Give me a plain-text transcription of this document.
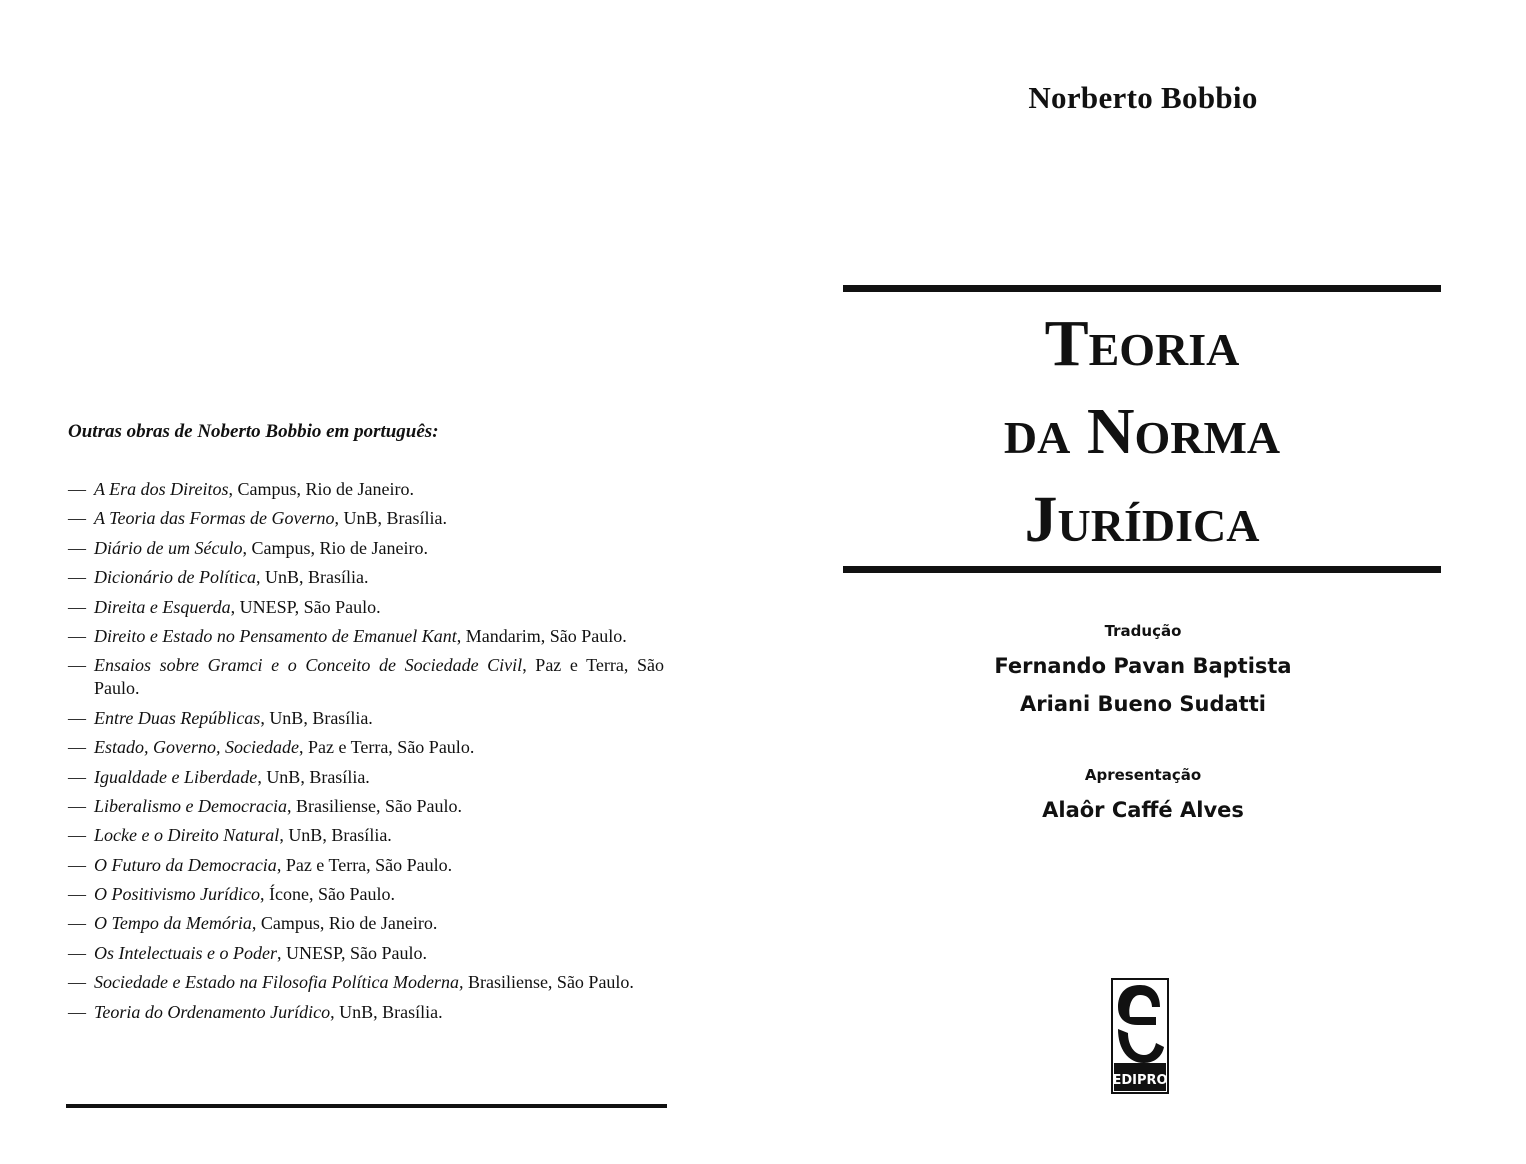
Outras obras de Noberto Bobbio em português:
— A Era dos Direitos, Campus, Rio de Janeiro.
— A Teoria das Formas de Governo, UnB, Brasília.
— Diário de um Século, Campus, Rio de Janeiro.
— Dicionário de Política, UnB, Brasília.
— Direita e Esquerda, UNESP, São Paulo.
— Direito e Estado no Pensamento de Emanuel Kant, Mandarim, São Paulo.
— Ensaios sobre Gramci e o Conceito de Sociedade Civil, Paz e Terra, São Paulo.
— Entre Duas Repúblicas, UnB, Brasília.
— Estado, Governo, Sociedade, Paz e Terra, São Paulo.
— Igualdade e Liberdade, UnB, Brasília.
— Liberalismo e Democracia, Brasiliense, São Paulo.
— Locke e o Direito Natural, UnB, Brasília.
— O Futuro da Democracia, Paz e Terra, São Paulo.
— O Positivismo Jurídico, Ícone, São Paulo.
— O Tempo da Memória, Campus, Rio de Janeiro.
— Os Intelectuais e o Poder, UNESP, São Paulo.
— Sociedade e Estado na Filosofia Política Moderna, Brasiliense, São Paulo.
— Teoria do Ordenamento Jurídico, UnB, Brasília.
Norberto Bobbio
Teoria
da Norma
Jurídica
Tradução
Fernando Pavan Baptista
Ariani Bueno Sudatti
Apresentação
Alaôr Caffé Alves
EDIPRO
